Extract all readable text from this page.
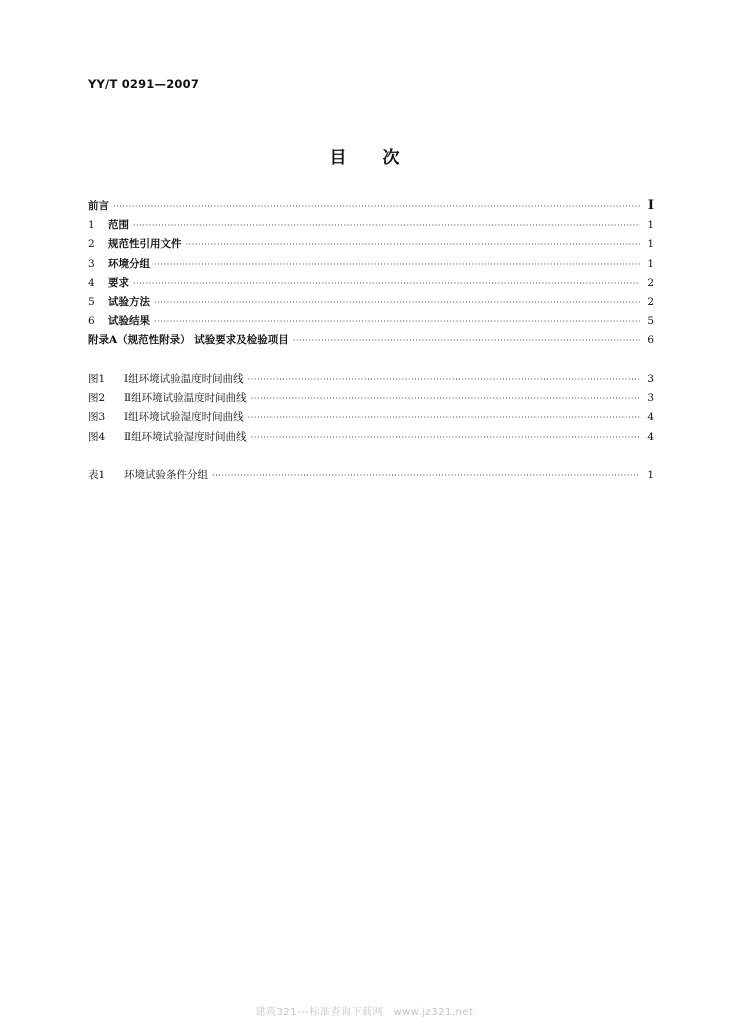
YY/T 0291—2007
目次
前言 ·····	I
1	范围 ·····	1
2	规范性引用文件 ·····	1
3	环境分组 ·····	1
4	要求 ·····	2
5	试验方法 ·····	2
6	试验结果 ·····	5
附录A（规范性附录） 试验要求及检验项目 ·····	6
图1	Ⅰ组环境试验温度时间曲线 ·····	3
图2	Ⅱ组环境试验温度时间曲线 ·····	3
图3	Ⅰ组环境试验湿度时间曲线 ·····	4
图4	Ⅱ组环境试验湿度时间曲线 ·····	4
表1	环境试验条件分组 ·····	1
建筑321---标准查询下载网　www.jz321.net
